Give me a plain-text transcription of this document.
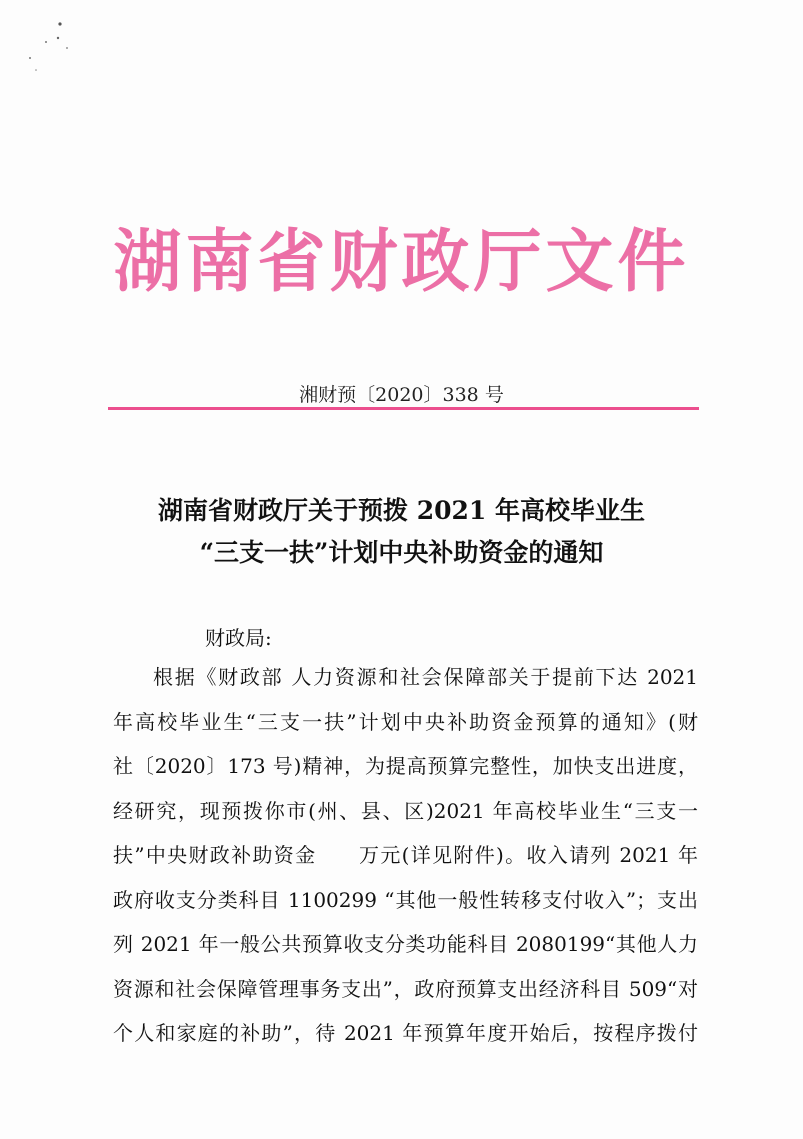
湖南省财政厅文件
湘财预〔2020〕338 号
湖南省财政厅关于预拨 2021 年高校毕业生
“三支一扶”计划中央补助资金的通知
财政局:
根据《财政部 人力资源和社会保障部关于提前下达 2021
年高校毕业生“三支一扶”计划中央补助资金预算的通知》(财
社〔2020〕173 号)精神，为提高预算完整性，加快支出进度，
经研究，现预拨你市(州、县、区)2021 年高校毕业生“三支一
扶”中央财政补助资金　　万元(详见附件)。收入请列 2021 年
政府收支分类科目 1100299 “其他一般性转移支付收入”；支出
列 2021 年一般公共预算收支分类功能科目 2080199“其他人力
资源和社会保障管理事务支出”，政府预算支出经济科目 509“对
个人和家庭的补助”，待 2021 年预算年度开始后，按程序拨付
